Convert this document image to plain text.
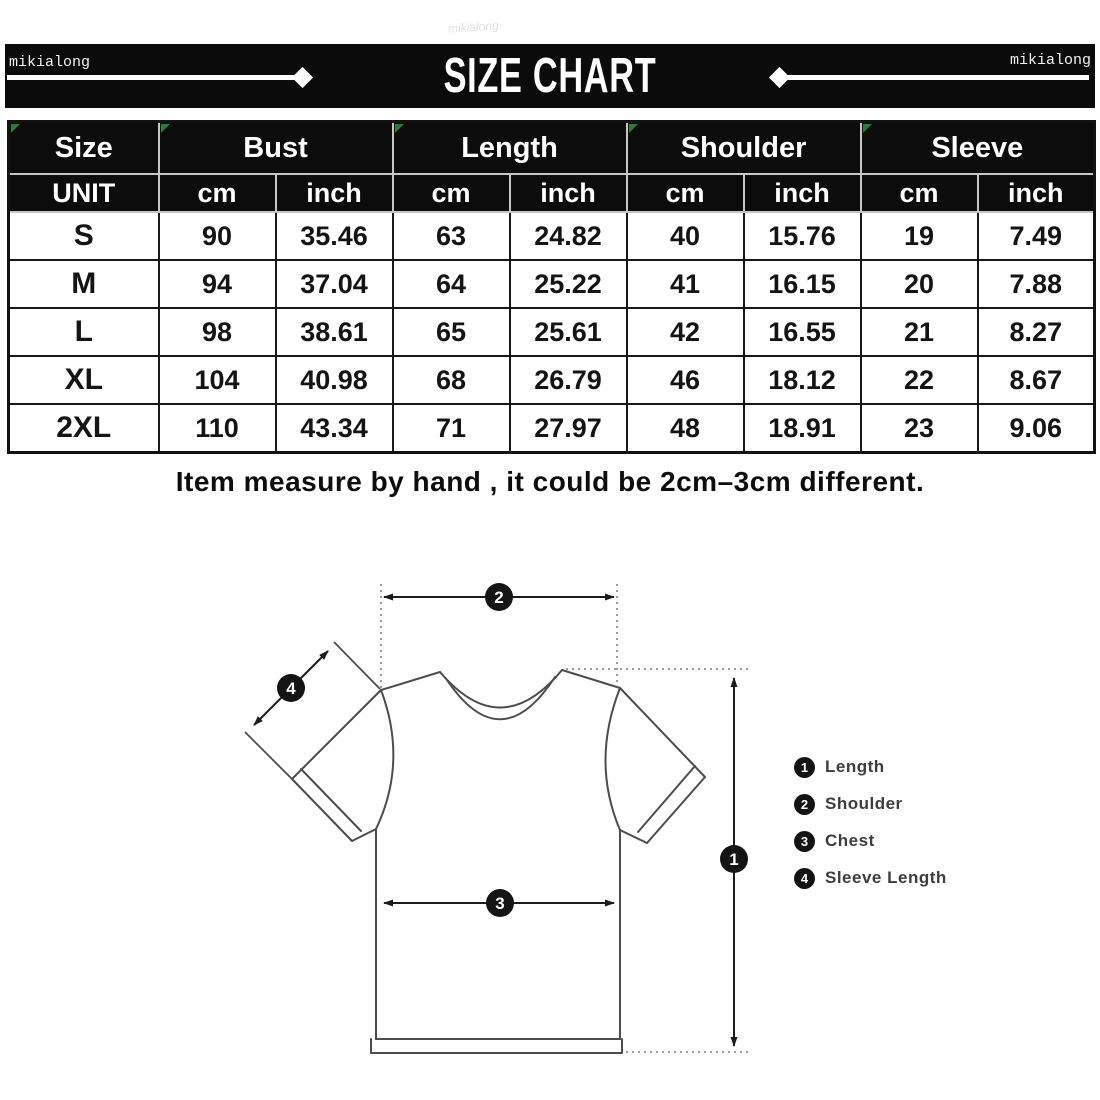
mikialong
mikialong	SIZE CHART	mikialong
Size	Bust		Length		Shoulder		Sleeve	
UNIT	cm	inch	cm	inch	cm	inch	cm	inch
S	90	35.46	63	24.82	40	15.76	19	7.49
M	94	37.04	64	25.22	41	16.15	20	7.88
L	98	38.61	65	25.61	42	16.55	21	8.27
XL	104	40.98	68	26.79	46	18.12	22	8.67
2XL	110	43.34	71	27.97	48	18.91	23	9.06
Item measure by hand , it could be 2cm–3cm different.
2
4
3
1
1 Length
2 Shoulder
3 Chest
4 Sleeve Length
